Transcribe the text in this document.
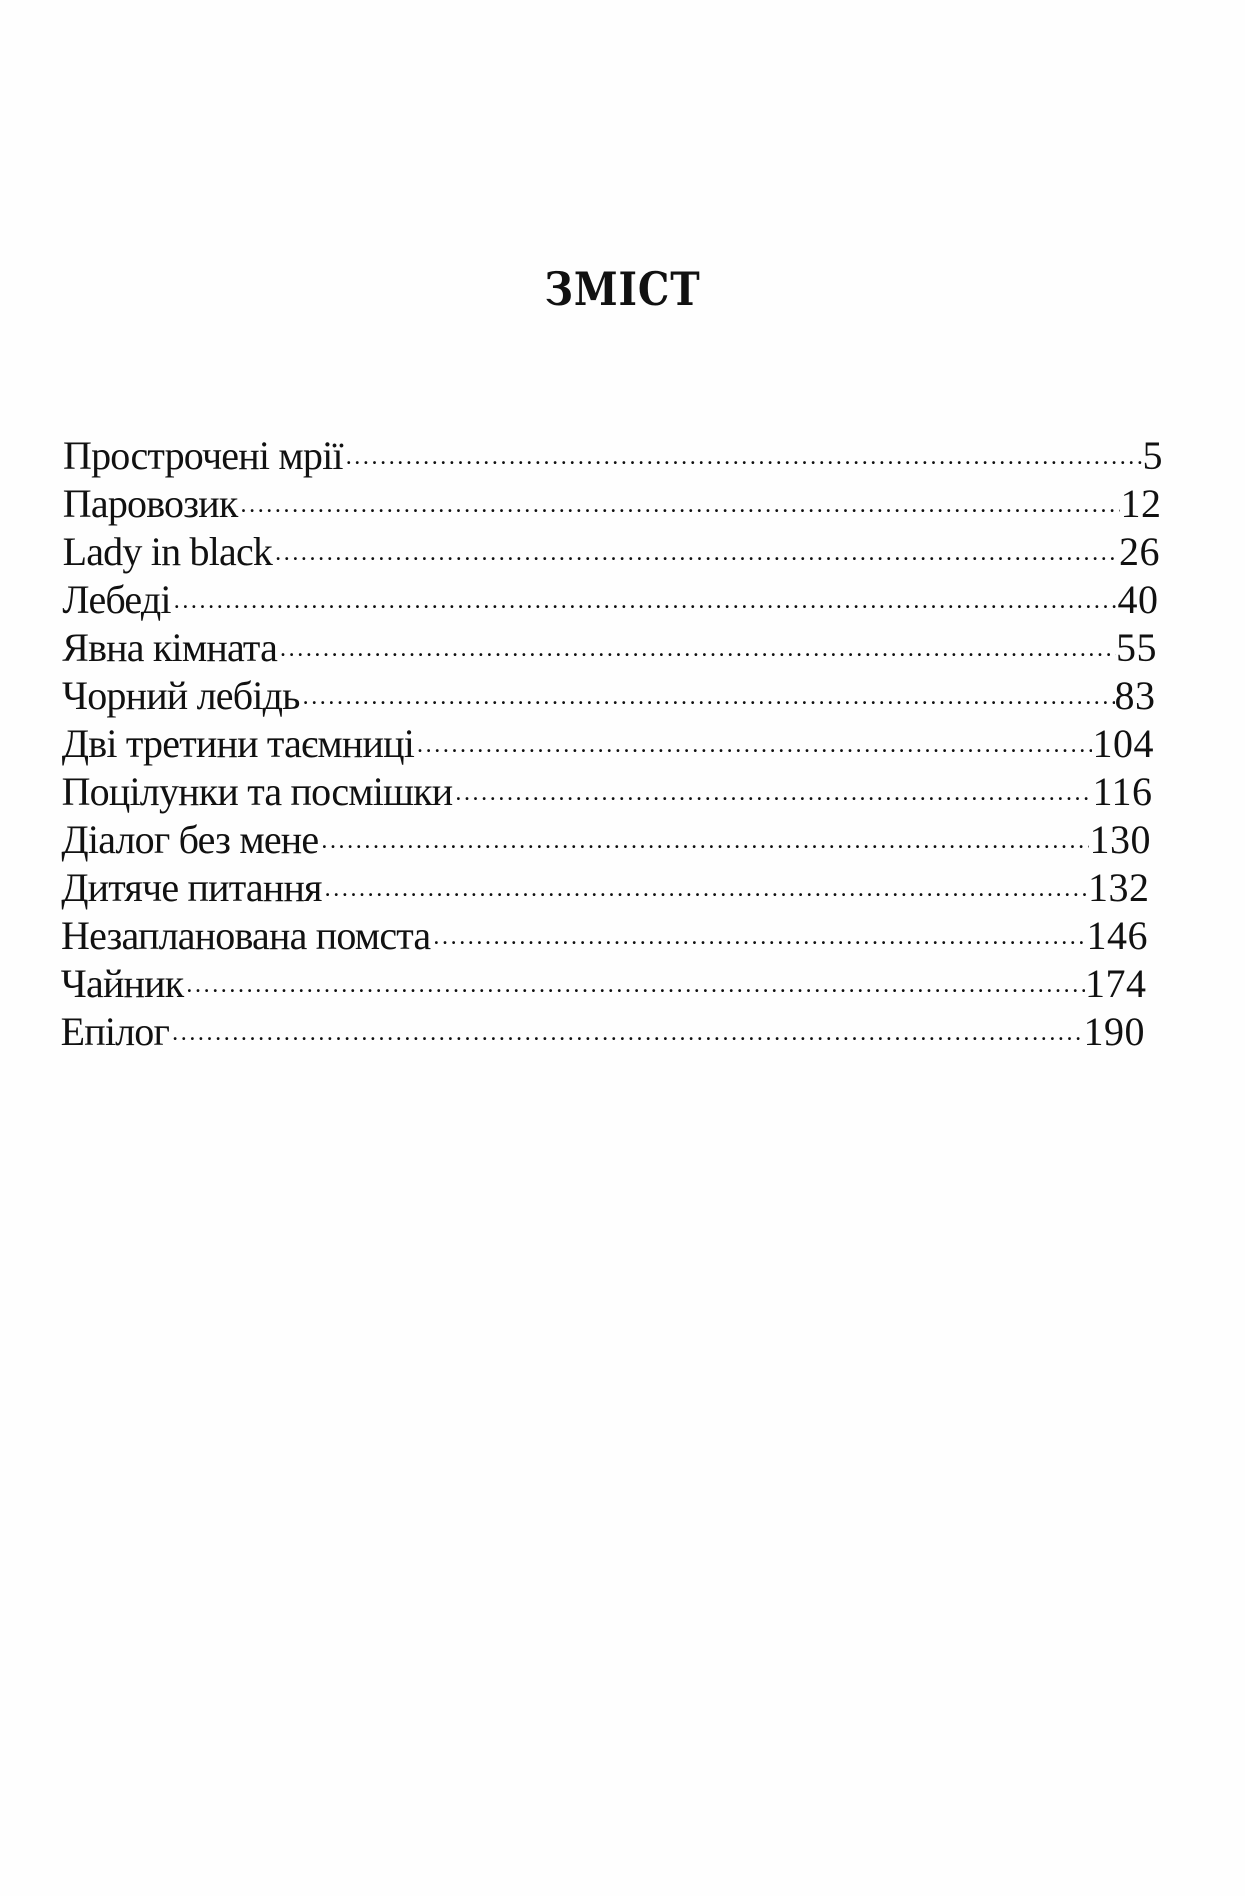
ЗМІСТ
Прострочені мрії .....	5
Паровозик .....	12
Lady in black .....	26
Лебеді .....	40
Явна кімната .....	55
Чорний лебідь .....	83
Дві третини таємниці .....	104
Поцілунки та посмішки .....	116
Діалог без мене .....	130
Дитяче питання .....	132
Незапланована помста .....	146
Чайник .....	174
Епілог .....	190
